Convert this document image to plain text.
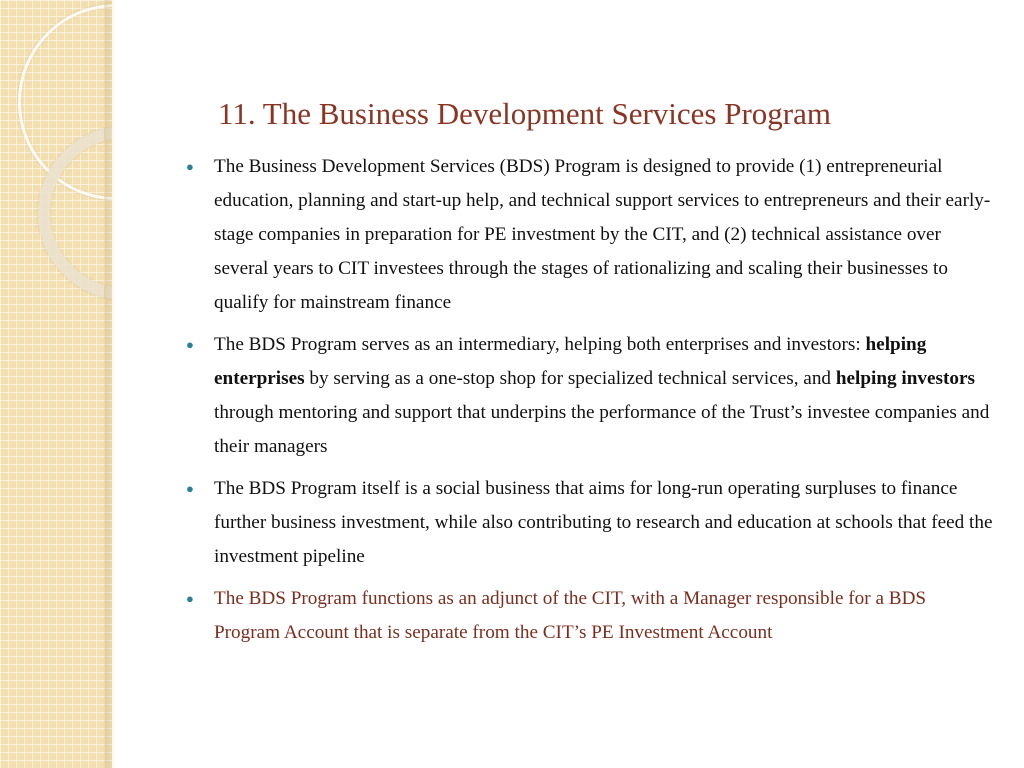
11. The Business Development Services Program
● The Business Development Services (BDS) Program is designed to provide (1) entrepreneurial education, planning and start-up help, and technical support services to entrepreneurs and their early-stage companies in preparation for PE investment by the CIT, and (2) technical assistance over several years to CIT investees through the stages of rationalizing and scaling their businesses to qualify for mainstream finance
● The BDS Program serves as an intermediary, helping both enterprises and investors: helping enterprises by serving as a one-stop shop for specialized technical services, and helping investors through mentoring and support that underpins the performance of the Trust’s investee companies and their managers
● The BDS Program itself is a social business that aims for long-run operating surpluses to finance further business investment, while also contributing to research and education at schools that feed the investment pipeline
● The BDS Program functions as an adjunct of the CIT, with a Manager responsible for a BDS Program Account that is separate from the CIT’s PE Investment Account
